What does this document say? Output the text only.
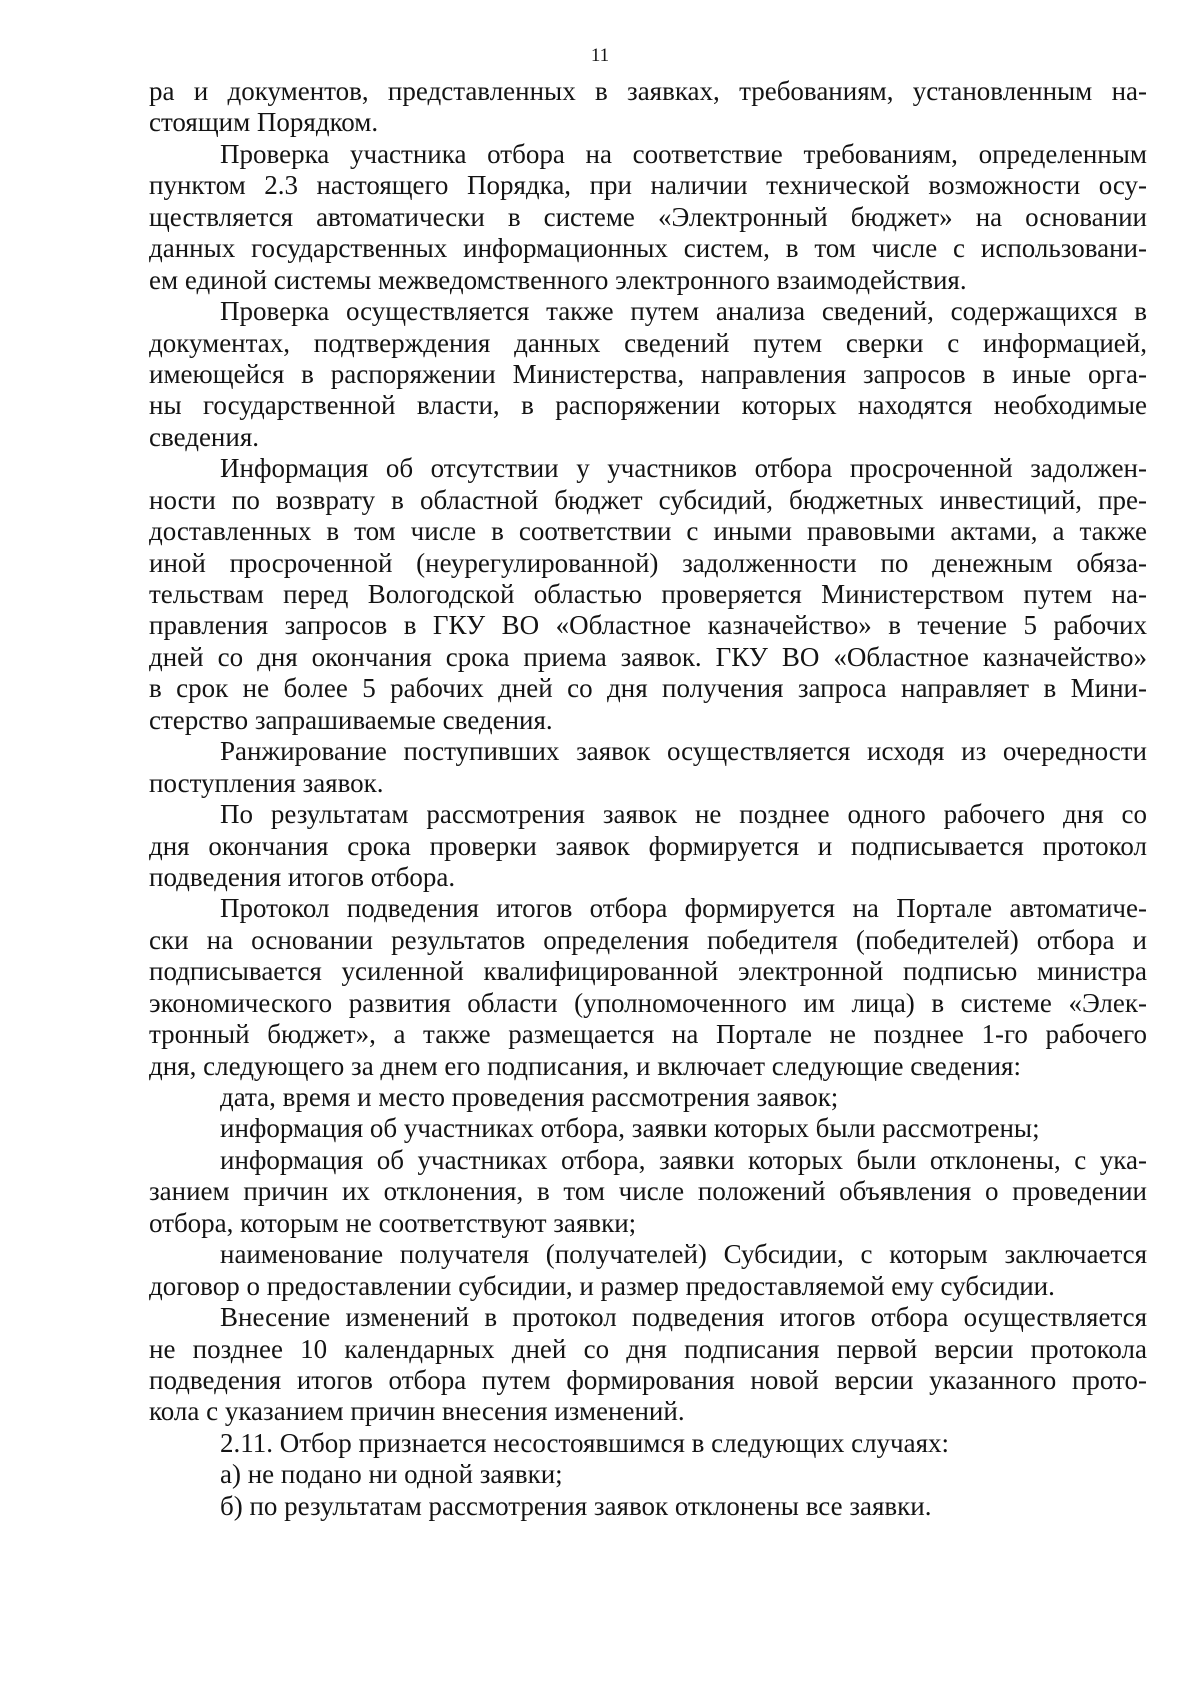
11
ра и документов, представленных в заявках, требованиям, установленным на-
стоящим Порядком.
Проверка участника отбора на соответствие требованиям, определенным
пунктом 2.3 настоящего Порядка, при наличии технической возможности осу-
ществляется автоматически в системе «Электронный бюджет» на основании
данных государственных информационных систем, в том числе с использовани-
ем единой системы межведомственного электронного взаимодействия.
Проверка осуществляется также путем анализа сведений, содержащихся в
документах, подтверждения данных сведений путем сверки с информацией,
имеющейся в распоряжении Министерства, направления запросов в иные орга-
ны государственной власти, в распоряжении которых находятся необходимые
сведения.
Информация об отсутствии у участников отбора просроченной задолжен-
ности по возврату в областной бюджет субсидий, бюджетных инвестиций, пре-
доставленных в том числе в соответствии с иными правовыми актами, а также
иной просроченной (неурегулированной) задолженности по денежным обяза-
тельствам перед Вологодской областью проверяется Министерством путем на-
правления запросов в ГКУ ВО «Областное казначейство» в течение 5 рабочих
дней со дня окончания срока приема заявок. ГКУ ВО «Областное казначейство»
в срок не более 5 рабочих дней со дня получения запроса направляет в Мини-
стерство запрашиваемые сведения.
Ранжирование поступивших заявок осуществляется исходя из очередности
поступления заявок.
По результатам рассмотрения заявок не позднее одного рабочего дня со
дня окончания срока проверки заявок формируется и подписывается протокол
подведения итогов отбора.
Протокол подведения итогов отбора формируется на Портале автоматиче-
ски на основании результатов определения победителя (победителей) отбора и
подписывается усиленной квалифицированной электронной подписью министра
экономического развития области (уполномоченного им лица) в системе «Элек-
тронный бюджет», а также размещается на Портале не позднее 1-го рабочего
дня, следующего за днем его подписания, и включает следующие сведения:
дата, время и место проведения рассмотрения заявок;
информация об участниках отбора, заявки которых были рассмотрены;
информация об участниках отбора, заявки которых были отклонены, с ука-
занием причин их отклонения, в том числе положений объявления о проведении
отбора, которым не соответствуют заявки;
наименование получателя (получателей) Субсидии, с которым заключается
договор о предоставлении субсидии, и размер предоставляемой ему субсидии.
Внесение изменений в протокол подведения итогов отбора осуществляется
не позднее 10 календарных дней со дня подписания первой версии протокола
подведения итогов отбора путем формирования новой версии указанного прото-
кола с указанием причин внесения изменений.
2.11. Отбор признается несостоявшимся в следующих случаях:
а) не подано ни одной заявки;
б) по результатам рассмотрения заявок отклонены все заявки.
